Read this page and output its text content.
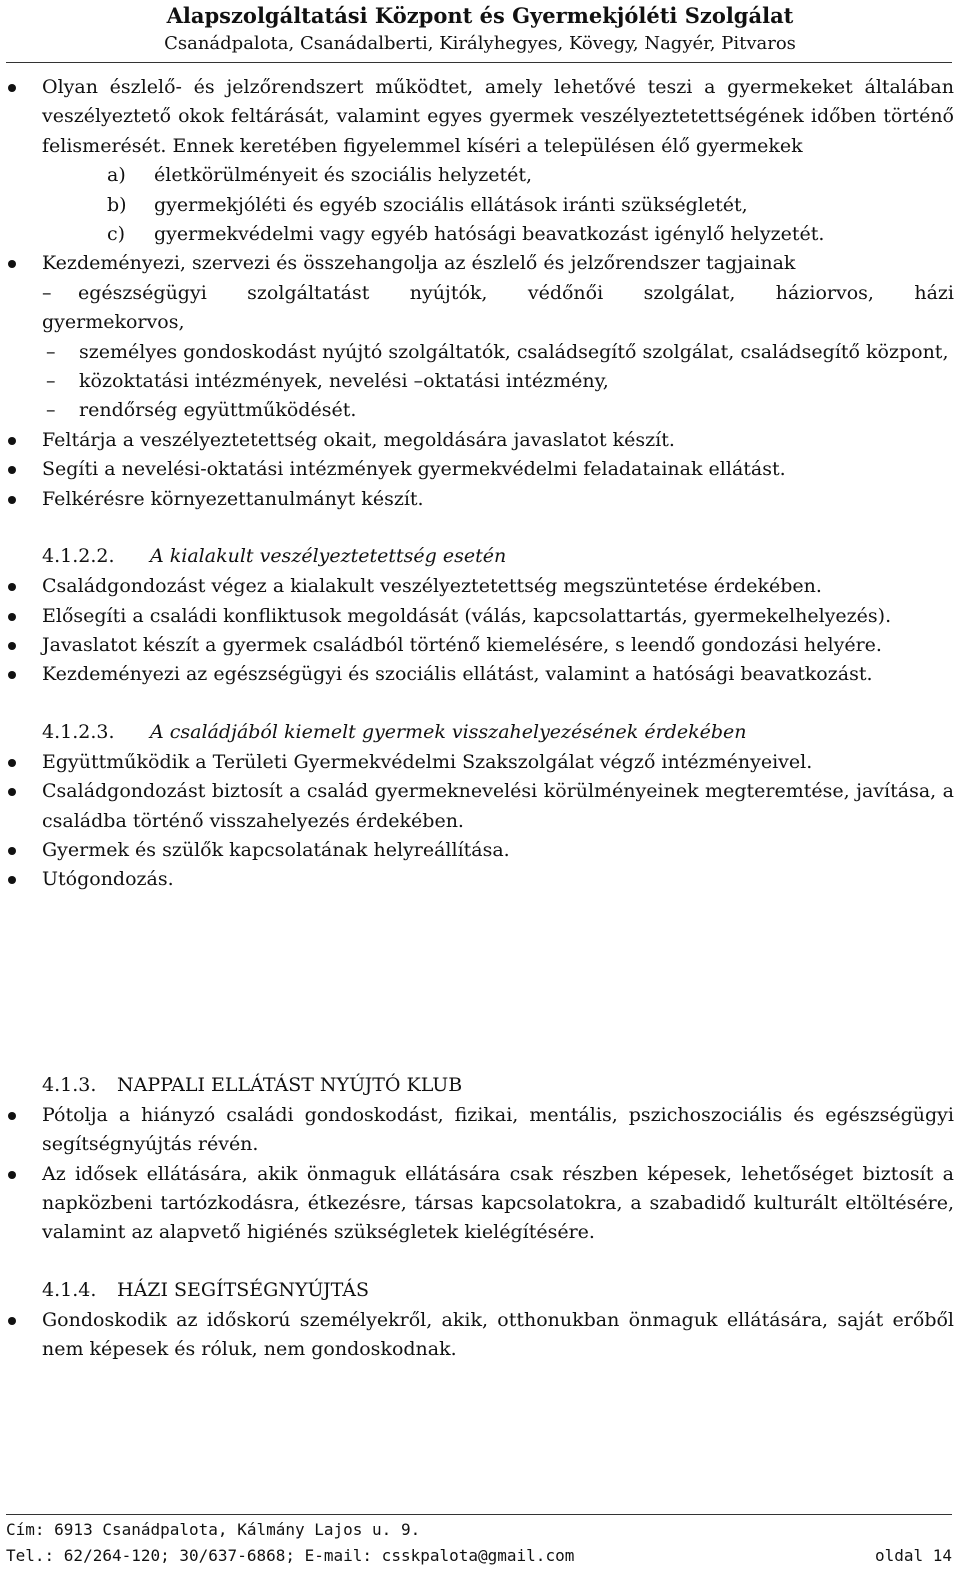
Alapszolgáltatási Központ és Gyermekjóléti Szolgálat
Csanádpalota, Csanádalberti, Királyhegyes, Kövegy, Nagyér, Pitvaros
Olyan észlelő- és jelzőrendszert működtet, amely lehetővé teszi a gyermekeket általában veszélyeztető okok feltárását, valamint egyes gyermek veszélyeztetettségének időben történő felismerését. Ennek keretében figyelemmel kíséri a településen élő gyermekek
a) életkörülményeit és szociális helyzetét,
b) gyermekjóléti és egyéb szociális ellátások iránti szükségletét,
c) gyermekvédelmi vagy egyéb hatósági beavatkozást igénylő helyzetét.
Kezdeményezi, szervezi és összehangolja az észlelő és jelzőrendszer tagjainak
– egészségügyi szolgáltatást nyújtók, védőnői szolgálat, háziorvos, házi
gyermekorvos,
– személyes gondoskodást nyújtó szolgáltatók, családsegítő szolgálat, családsegítő központ,
– közoktatási intézmények, nevelési –oktatási intézmény,
– rendőrség együttműködését.
Feltárja a veszélyeztetettség okait, megoldására javaslatot készít.
Segíti a nevelési-oktatási intézmények gyermekvédelmi feladatainak ellátást.
Felkérésre környezettanulmányt készít.
4.1.2.2. A kialakult veszélyeztetettség esetén
Családgondozást végez a kialakult veszélyeztetettség megszüntetése érdekében.
Elősegíti a családi konfliktusok megoldását (válás, kapcsolattartás, gyermekelhelyezés).
Javaslatot készít a gyermek családból történő kiemelésére, s leendő gondozási helyére.
Kezdeményezi az egészségügyi és szociális ellátást, valamint a hatósági beavatkozást.
4.1.2.3. A családjából kiemelt gyermek visszahelyezésének érdekében
Együttműködik a Területi Gyermekvédelmi Szakszolgálat végző intézményeivel.
Családgondozást biztosít a család gyermeknevelési körülményeinek megteremtése, javítása, a családba történő visszahelyezés érdekében.
Gyermek és szülők kapcsolatának helyreállítása.
Utógondozás.
4.1.3. NAPPALI ELLÁTÁST NYÚJTÓ KLUB
Pótolja a hiányzó családi gondoskodást, fizikai, mentális, pszichoszociális és egészségügyi segítségnyújtás révén.
Az idősek ellátására, akik önmaguk ellátására csak részben képesek, lehetőséget biztosít a napközbeni tartózkodásra, étkezésre, társas kapcsolatokra, a szabadidő kulturált eltöltésére, valamint az alapvető higiénés szükségletek kielégítésére.
4.1.4. HÁZI SEGÍTSÉGNYÚJTÁS
Gondoskodik az időskorú személyekről, akik, otthonukban önmaguk ellátására, saját erőből nem képesek és róluk, nem gondoskodnak.
Cím: 6913 Csanádpalota, Kálmány Lajos u. 9.
Tel.: 62/264-120; 30/637-6868; E-mail: csskpalota@gmail.com	oldal 14
